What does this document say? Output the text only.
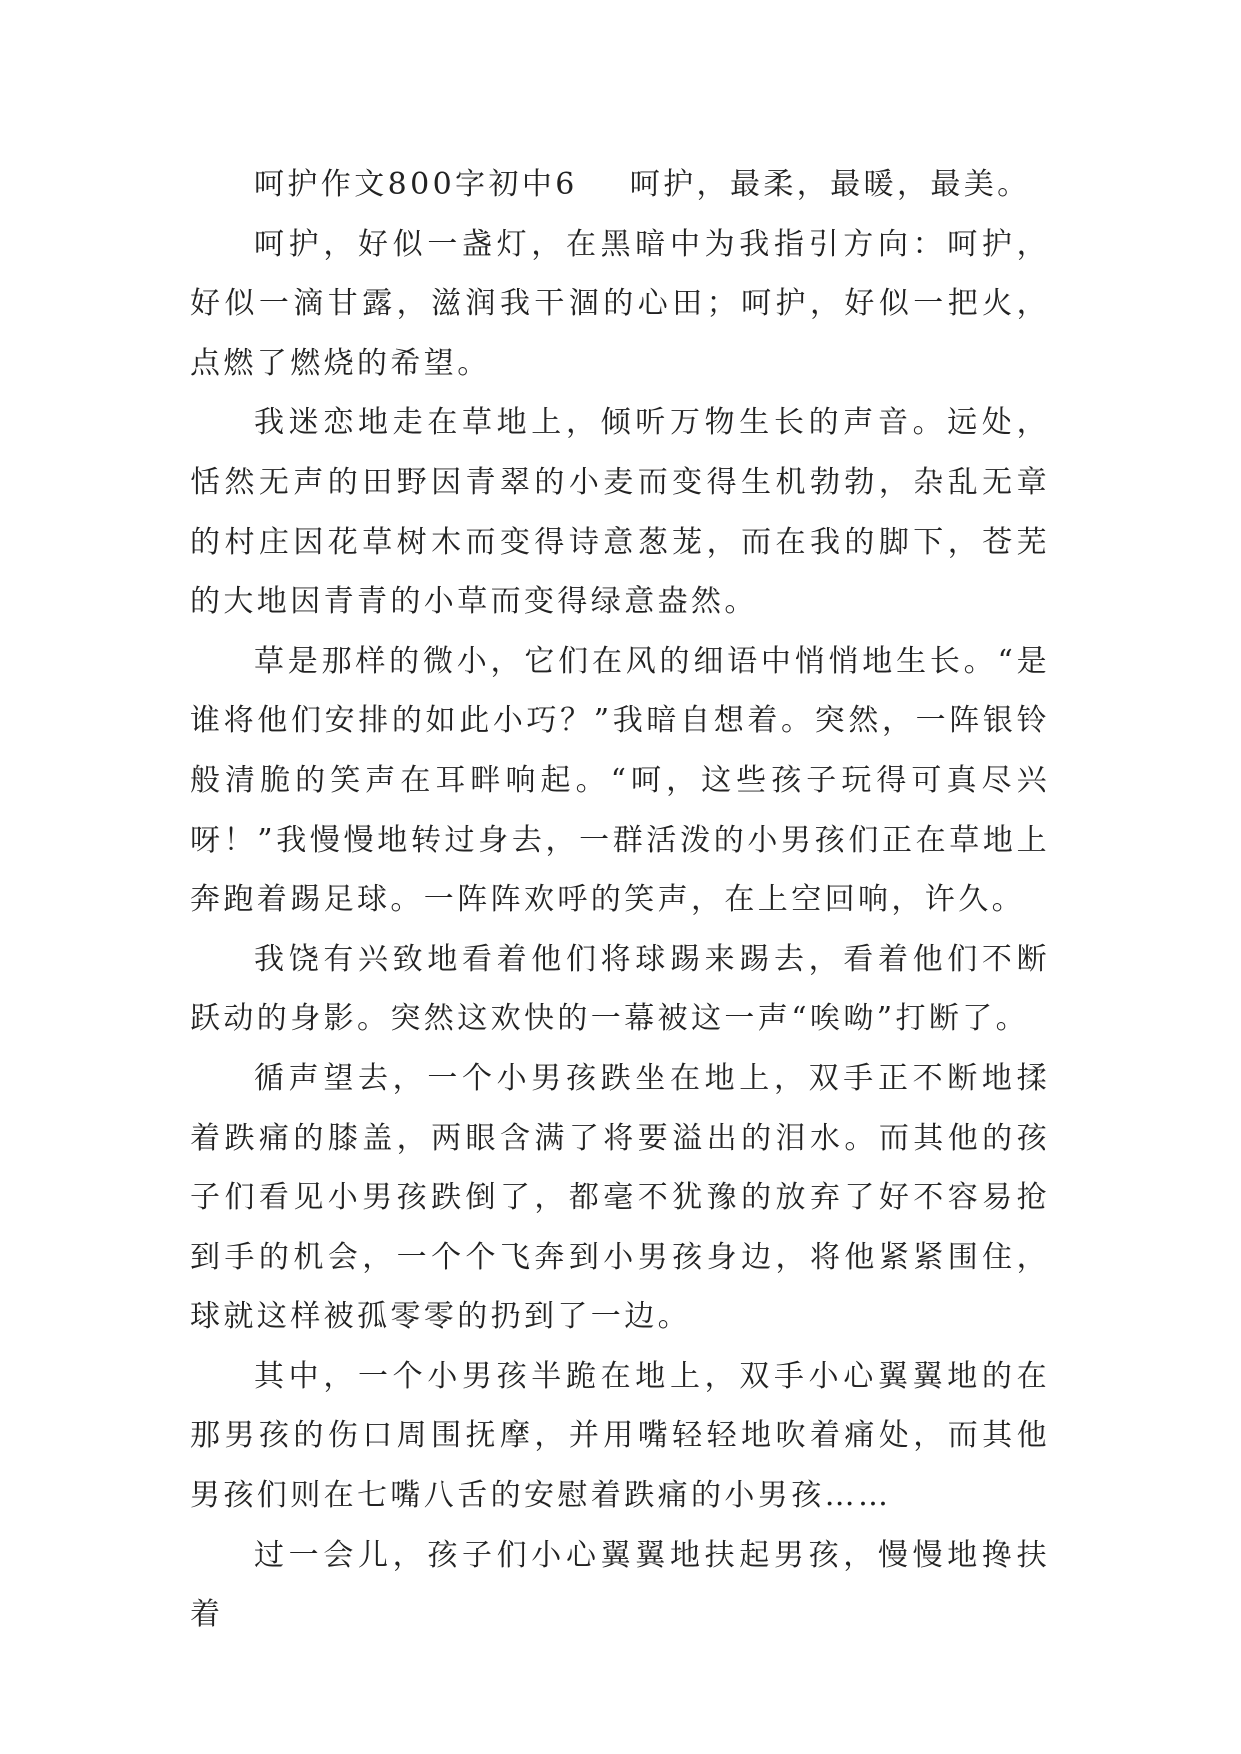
呵护作文800字初中6 呵护，最柔，最暖，最美。

呵护，好似一盏灯，在黑暗中为我指引方向：呵护，好似一滴甘露，滋润我干涸的心田；呵护，好似一把火，点燃了燃烧的希望。

我迷恋地走在草地上，倾听万物生长的声音。远处，恬然无声的田野因青翠的小麦而变得生机勃勃，杂乱无章的村庄因花草树木而变得诗意葱茏，而在我的脚下，苍芜的大地因青青的小草而变得绿意盎然。

草是那样的微小，它们在风的细语中悄悄地生长。“是谁将他们安排的如此小巧？”我暗自想着。突然，一阵银铃般清脆的笑声在耳畔响起。“呵，这些孩子玩得可真尽兴呀！”我慢慢地转过身去，一群活泼的小男孩们正在草地上奔跑着踢足球。一阵阵欢呼的笑声，在上空回响，许久。

我饶有兴致地看着他们将球踢来踢去，看着他们不断跃动的身影。突然这欢快的一幕被这一声“唉呦”打断了。

循声望去，一个小男孩跌坐在地上，双手正不断地揉着跌痛的膝盖，两眼含满了将要溢出的泪水。而其他的孩子们看见小男孩跌倒了，都毫不犹豫的放弃了好不容易抢到手的机会，一个个飞奔到小男孩身边，将他紧紧围住，球就这样被孤零零的扔到了一边。

其中，一个小男孩半跪在地上，双手小心翼翼地的在那男孩的伤口周围抚摩，并用嘴轻轻地吹着痛处，而其他男孩们则在七嘴八舌的安慰着跌痛的小男孩……

过一会儿，孩子们小心翼翼地扶起男孩，慢慢地搀扶着
